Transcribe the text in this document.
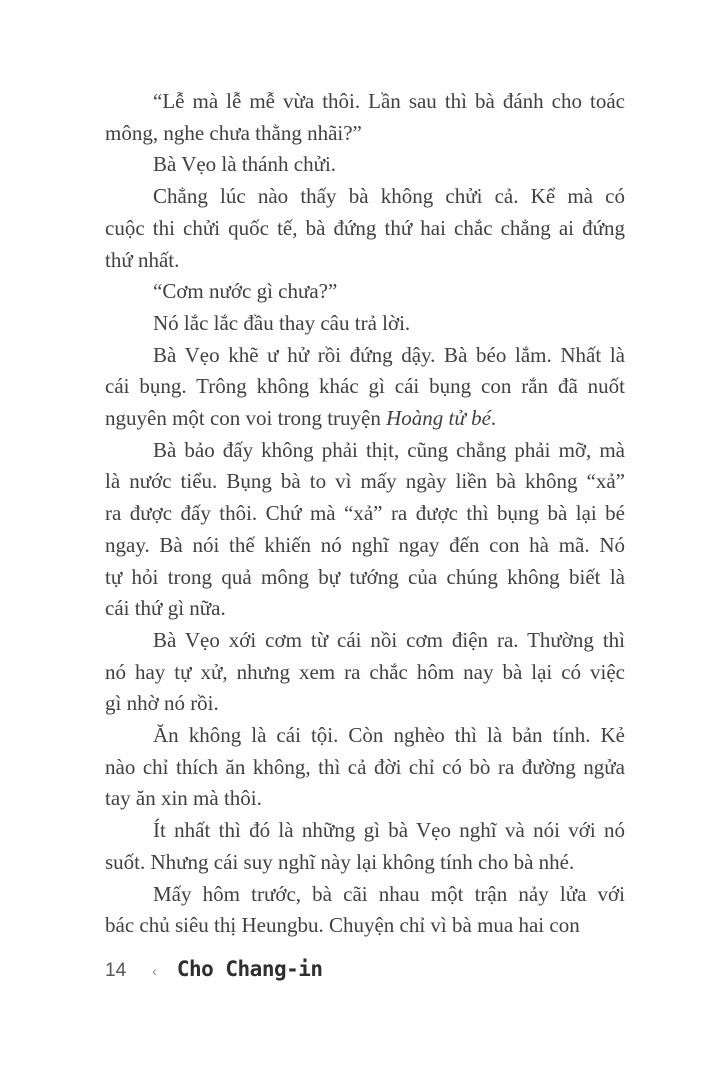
“Lễ mà lễ mễ vừa thôi. Lần sau thì bà đánh cho toác
mông, nghe chưa thằng nhãi?”
Bà Vẹo là thánh chửi.
Chẳng lúc nào thấy bà không chửi cả. Kể mà có
cuộc thi chửi quốc tế, bà đứng thứ hai chắc chẳng ai đứng
thứ nhất.
“Cơm nước gì chưa?”
Nó lắc lắc đầu thay câu trả lời.
Bà Vẹo khẽ ư hử rồi đứng dậy. Bà béo lắm. Nhất là
cái bụng. Trông không khác gì cái bụng con rắn đã nuốt
nguyên một con voi trong truyện Hoàng tử bé.
Bà bảo đấy không phải thịt, cũng chẳng phải mỡ, mà
là nước tiểu. Bụng bà to vì mấy ngày liền bà không “xả”
ra được đấy thôi. Chứ mà “xả” ra được thì bụng bà lại bé
ngay. Bà nói thế khiến nó nghĩ ngay đến con hà mã. Nó
tự hỏi trong quả mông bự tướng của chúng không biết là
cái thứ gì nữa.
Bà Vẹo xới cơm từ cái nồi cơm điện ra. Thường thì
nó hay tự xử, nhưng xem ra chắc hôm nay bà lại có việc
gì nhờ nó rồi.
Ăn không là cái tội. Còn nghèo thì là bản tính. Kẻ
nào chỉ thích ăn không, thì cả đời chỉ có bò ra đường ngửa
tay ăn xin mà thôi.
Ít nhất thì đó là những gì bà Vẹo nghĩ và nói với nó
suốt. Nhưng cái suy nghĩ này lại không tính cho bà nhé.
Mấy hôm trước, bà cãi nhau một trận nảy lửa với
bác chủ siêu thị Heungbu. Chuyện chỉ vì bà mua hai con
14 ‹ Cho Chang-in
